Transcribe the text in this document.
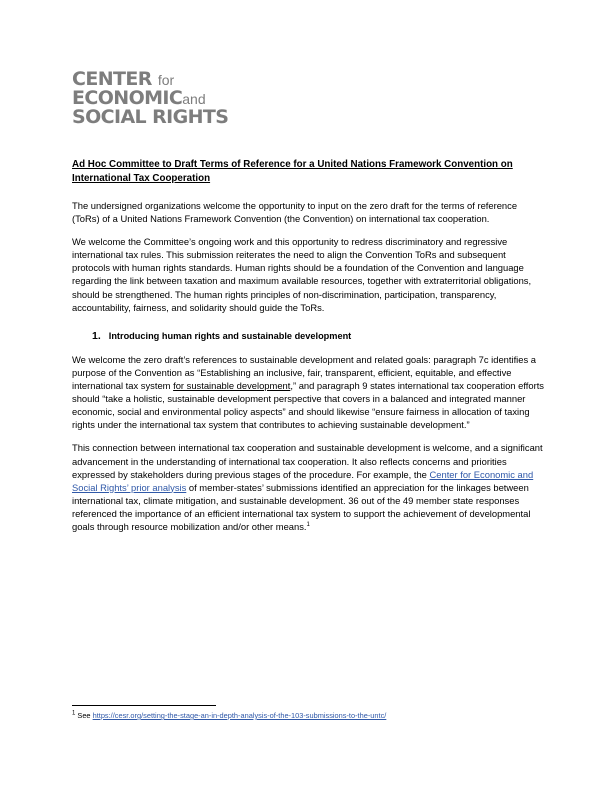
CENTER for
ECONOMICand
SOCIAL RIGHTS
Ad Hoc Committee to Draft Terms of Reference for a United Nations Framework Convention on International Tax Cooperation

The undersigned organizations welcome the opportunity to input on the zero draft for the terms of reference (ToRs) of a United Nations Framework Convention (the Convention) on international tax cooperation.

We welcome the Committee’s ongoing work and this opportunity to redress discriminatory and regressive international tax rules. This submission reiterates the need to align the Convention ToRs and subsequent protocols with human rights standards. Human rights should be a foundation of the Convention and language regarding the link between taxation and maximum available resources, together with extraterritorial obligations, should be strengthened. The human rights principles of non-discrimination, participation, transparency, accountability, fairness, and solidarity should guide the ToRs.

1. Introducing human rights and sustainable development

We welcome the zero draft’s references to sustainable development and related goals: paragraph 7c identifies a purpose of the Convention as “Establishing an inclusive, fair, transparent, efficient, equitable, and effective international tax system for sustainable development,” and paragraph 9 states international tax cooperation efforts should “take a holistic, sustainable development perspective that covers in a balanced and integrated manner economic, social and environmental policy aspects” and should likewise “ensure fairness in allocation of taxing rights under the international tax system that contributes to achieving sustainable development.”

This connection between international tax cooperation and sustainable development is welcome, and a significant advancement in the understanding of international tax cooperation. It also reflects concerns and priorities expressed by stakeholders during previous stages of the procedure. For example, the Center for Economic and Social Rights’ prior analysis of member-states’ submissions identified an appreciation for the linkages between international tax, climate mitigation, and sustainable development. 36 out of the 49 member state responses referenced the importance of an efficient international tax system to support the achievement of developmental goals through resource mobilization and/or other means.$^1$

$^1$ See https://cesr.org/setting-the-stage-an-in-depth-analysis-of-the-103-submissions-to-the-untc/
